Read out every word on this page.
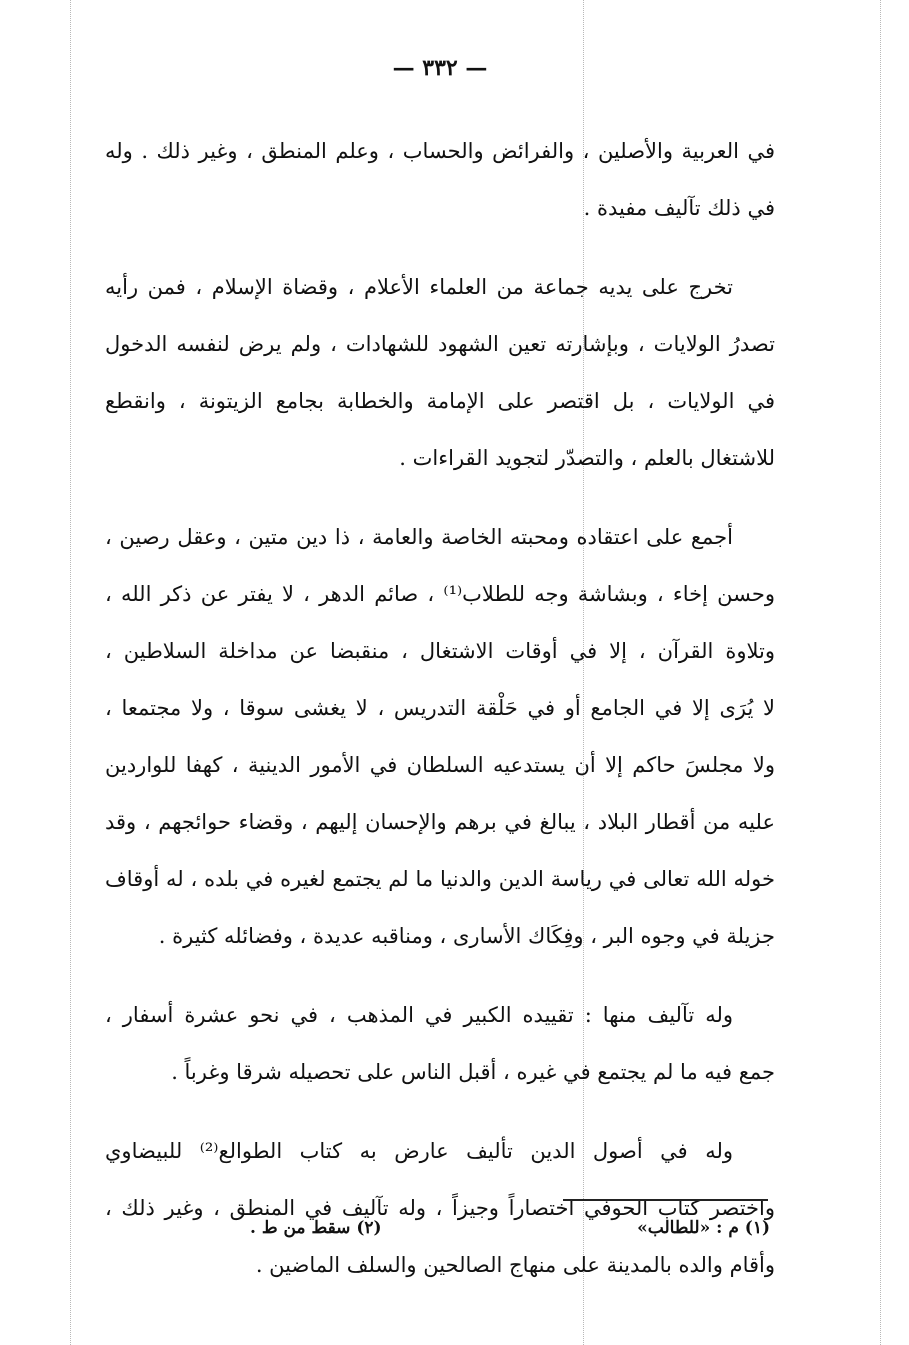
— ٣٣٢ —
في العربية والأصلين ، والفرائض والحساب ، وعلم المنطق ، وغير ذلك . وله
في ذلك تآليف مفيدة .
تخرج على يديه جماعة من العلماء الأعلام ، وقضاة الإسلام ، فمن رأيه
تصدرُ الولايات ، وبإشارته تعين الشهود للشهادات ، ولم يرض لنفسه الدخول
في الولايات ، بل اقتصر على الإمامة والخطابة بجامع الزيتونة ، وانقطع
للاشتغال بالعلم ، والتصدّر لتجويد القراءات .
أجمع على اعتقاده ومحبته الخاصة والعامة ، ذا دين متين ، وعقل رصين ،
وحسن إخاء ، وبشاشة وجه للطلاب⁽¹⁾ ، صائم الدهر ، لا يفتر عن ذكر الله ،
وتلاوة القرآن ، إلا في أوقات الاشتغال ، منقبضا عن مداخلة السلاطين ،
لا يُرَى إلا في الجامع أو في حَلْقة التدريس ، لا يغشى سوقا ، ولا مجتمعا ،
ولا مجلسَ حاكم إلا أن يستدعيه السلطان في الأمور الدينية ، كهفا للواردين
عليه من أقطار البلاد ، يبالغ في برهم والإحسان إليهم ، وقضاء حوائجهم ، وقد
خوله الله تعالى في رياسة الدين والدنيا ما لم يجتمع لغيره في بلده ، له أوقاف
جزيلة في وجوه البر ، وفِكَاك الأسارى ، ومناقبه عديدة ، وفضائله كثيرة .
وله تآليف منها : تقييده الكبير في المذهب ، في نحو عشرة أسفار ،
جمع فيه ما لم يجتمع في غيره ، أقبل الناس على تحصيله شرقا وغرباً .
وله في أصول الدين تأليف عارض به كتاب الطوالع⁽²⁾ للبيضاوي
واختصر كتاب الحوفي اختصاراً وجيزاً ، وله تآليف في المنطق ، وغير ذلك ،
وأقام والده بالمدينة على منهاج الصالحين والسلف الماضين .
(١) م : «للطالب»
(٢) سقط من ط .
